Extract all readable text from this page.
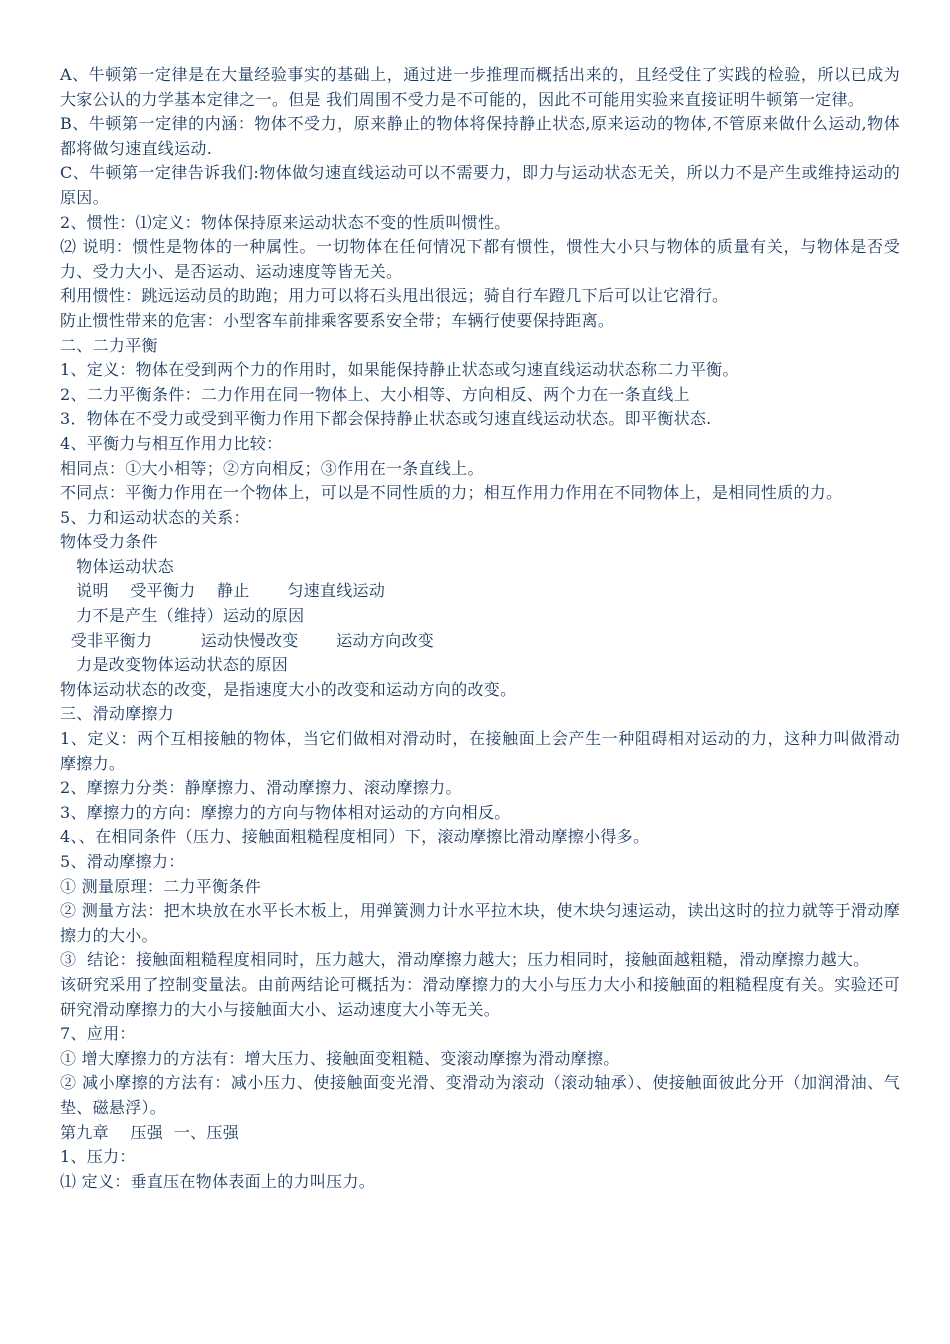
A、牛顿第一定律是在大量经验事实的基础上，通过进一步推理而概括出来的，且经受住了实践的检验，所以已成为大家公认的力学基本定律之一。但是 我们周围不受力是不可能的，因此不可能用实验来直接证明牛顿第一定律。

B、牛顿第一定律的内涵：物体不受力，原来静止的物体将保持静止状态,原来运动的物体,不管原来做什么运动,物体都将做匀速直线运动.

C、牛顿第一定律告诉我们:物体做匀速直线运动可以不需要力，即力与运动状态无关，所以力不是产生或维持运动的原因。

2、惯性：⑴定义：物体保持原来运动状态不变的性质叫惯性。

⑵ 说明：惯性是物体的一种属性。一切物体在任何情况下都有惯性，惯性大小只与物体的质量有关，与物体是否受力、受力大小、是否运动、运动速度等皆无关。

利用惯性：跳远运动员的助跑；用力可以将石头甩出很远；骑自行车蹬几下后可以让它滑行。

防止惯性带来的危害：小型客车前排乘客要系安全带；车辆行使要保持距离。

二、二力平衡

1、定义：物体在受到两个力的作用时，如果能保持静止状态或匀速直线运动状态称二力平衡。

2、二力平衡条件：二力作用在同一物体上、大小相等、方向相反、两个力在一条直线上

3．物体在不受力或受到平衡力作用下都会保持静止状态或匀速直线运动状态。即平衡状态.

4、平衡力与相互作用力比较：

相同点：①大小相等；②方向相反；③作用在一条直线上。

不同点：平衡力作用在一个物体上，可以是不同性质的力；相互作用力作用在不同物体上，是相同性质的力。

5、力和运动状态的关系：

物体受力条件

物体运动状态

说明    受平衡力    静止       匀速直线运动

力不是产生（维持）运动的原因

受非平衡力         运动快慢改变       运动方向改变

力是改变物体运动状态的原因

物体运动状态的改变，是指速度大小的改变和运动方向的改变。

三、滑动摩擦力

1、定义：两个互相接触的物体，当它们做相对滑动时，在接触面上会产生一种阻碍相对运动的力，这种力叫做滑动摩擦力。

2、摩擦力分类：静摩擦力、滑动摩擦力、滚动摩擦力。

3、摩擦力的方向：摩擦力的方向与物体相对运动的方向相反。

4、、在相同条件（压力、接触面粗糙程度相同）下，滚动摩擦比滑动摩擦小得多。

5、滑动摩擦力：

① 测量原理：二力平衡条件

② 测量方法：把木块放在水平长木板上，用弹簧测力计水平拉木块，使木块匀速运动，读出这时的拉力就等于滑动摩擦力的大小。

③  结论：接触面粗糙程度相同时，压力越大，滑动摩擦力越大；压力相同时，接触面越粗糙，滑动摩擦力越大。

该研究采用了控制变量法。由前两结论可概括为：滑动摩擦力的大小与压力大小和接触面的粗糙程度有关。实验还可研究滑动摩擦力的大小与接触面大小、运动速度大小等无关。

7、应用：

① 增大摩擦力的方法有：增大压力、接触面变粗糙、变滚动摩擦为滑动摩擦。

② 减小摩擦的方法有：减小压力、使接触面变光滑、变滑动为滚动（滚动轴承）、使接触面彼此分开（加润滑油、气垫、磁悬浮）。

第九章    压强  一、压强

1、压力：

⑴ 定义：垂直压在物体表面上的力叫压力。
